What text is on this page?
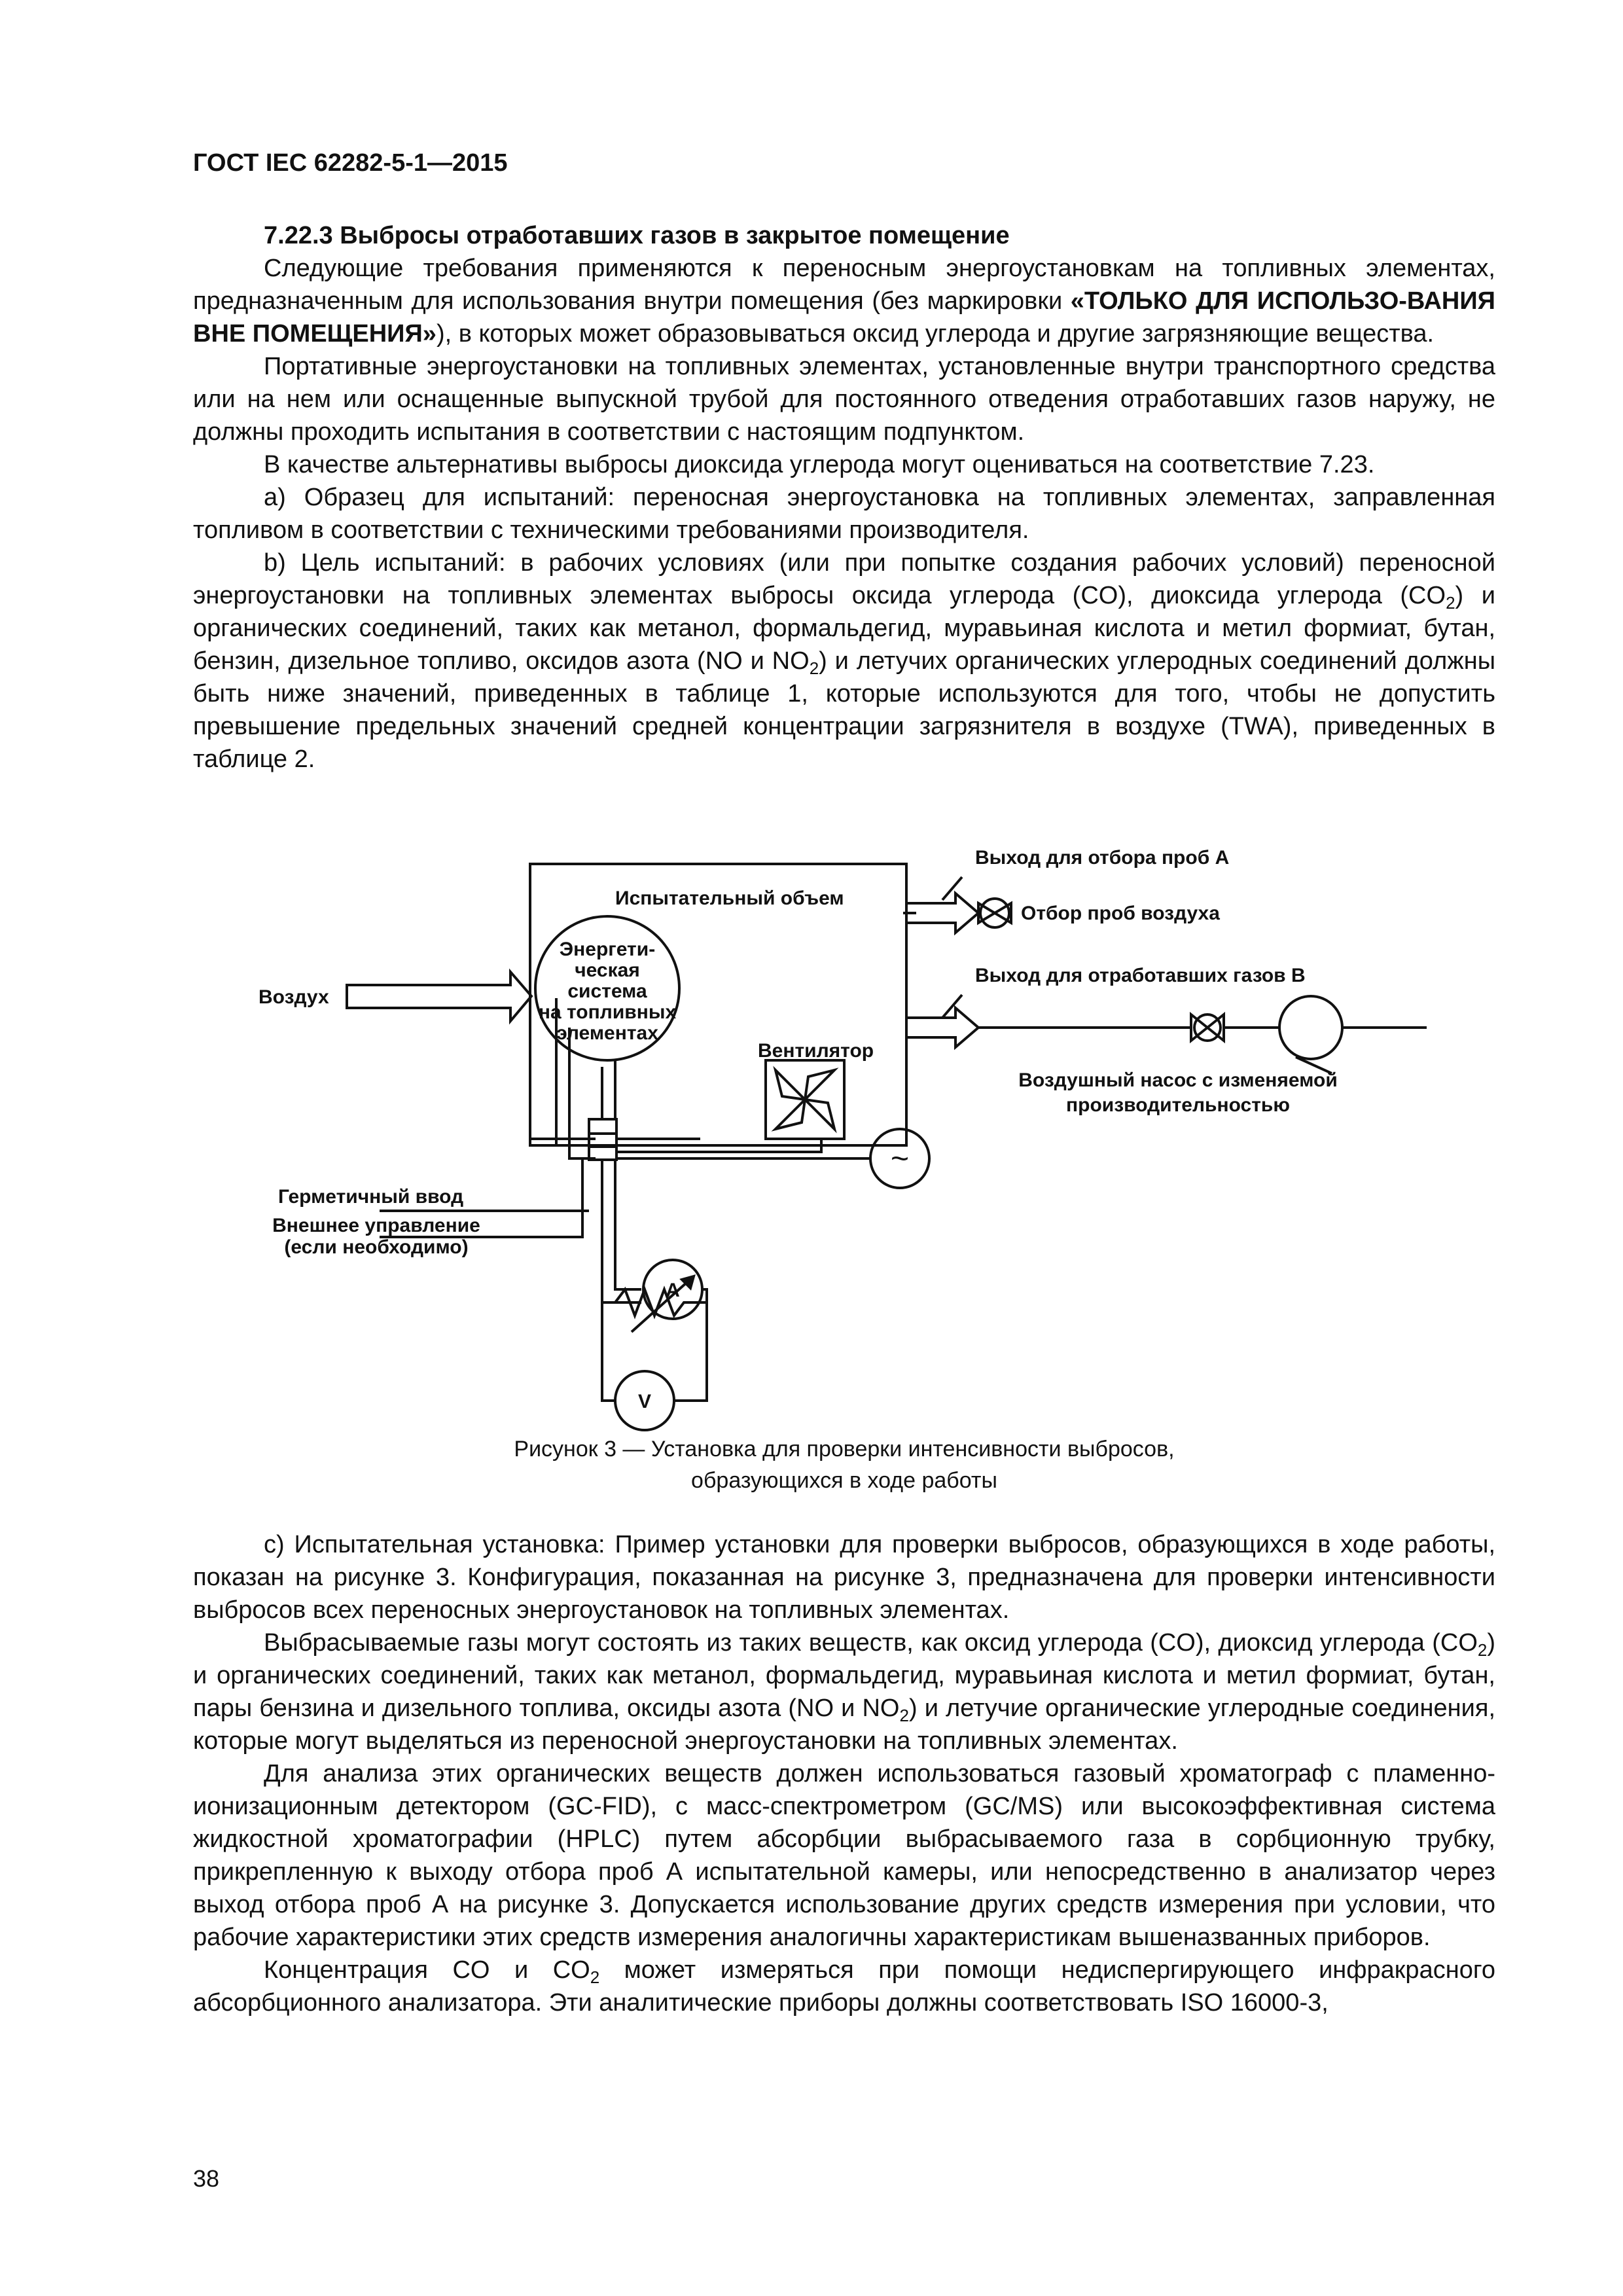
ГОСТ IEC 62282-5-1—2015

7.22.3 Выбросы отработавших газов в закрытое помещение

Следующие требования применяются к переносным энергоустановкам на топливных элементах, предназначенным для использования внутри помещения (без маркировки «ТОЛЬКО ДЛЯ ИСПОЛЬЗО-ВАНИЯ ВНЕ ПОМЕЩЕНИЯ»), в которых может образовываться оксид углерода и другие загрязняющие вещества.

Портативные энергоустановки на топливных элементах, установленные внутри транспортного средства или на нем или оснащенные выпускной трубой для постоянного отведения отработавших газов наружу, не должны проходить испытания в соответствии с настоящим подпунктом.

В качестве альтернативы выбросы диоксида углерода могут оцениваться на соответствие 7.23.

а) Образец для испытаний: переносная энергоустановка на топливных элементах, заправленная топливом в соответствии с техническими требованиями производителя.

b) Цель испытаний: в рабочих условиях (или при попытке создания рабочих условий) переносной энергоустановки на топливных элементах выбросы оксида углерода (CO), диоксида углерода $(CO_2)$ и органических соединений, таких как метанол, формальдегид, муравьиная кислота и метил формиат, бутан, бензин, дизельное топливо, оксидов азота (NO и $NO_2$) и летучих органических углеродных соединений должны быть ниже значений, приведенных в таблице 1, которые используются для того, чтобы не допустить превышение предельных значений средней концентрации загрязнителя в воздухе (TWA), приведенных в таблице 2.

Испытательный объем
Выход для отбора проб А
Отбор проб воздуха
Выход для отработавших газов В
Воздух
Энергети-
ческая
система
на топливных
элементах
Вентилятор
Воздушный насос с изменяемой
производительностью
Герметичный ввод
Внешнее управление
(если необходимо)
A
V
~
Рисунок 3 — Установка для проверки интенсивности выбросов,
образующихся в ходе работы

с) Испытательная установка: Пример установки для проверки выбросов, образующихся в ходе работы, показан на рисунке 3. Конфигурация, показанная на рисунке 3, предназначена для проверки интенсивности выбросов всех переносных энергоустановок на топливных элементах.

Выбрасываемые газы могут состоять из таких веществ, как оксид углерода (CO), диоксид углерода $(CO_2)$ и органических соединений, таких как метанол, формальдегид, муравьиная кислота и метил формиат, бутан, пары бензина и дизельного топлива, оксиды азота (NO и $NO_2$) и летучие органические углеродные соединения, которые могут выделяться из переносной энергоустановки на топливных элементах.

Для анализа этих органических веществ должен использоваться газовый хроматограф с пламенно-ионизационным детектором (GC-FID), с масс-спектрометром (GC/MS) или высокоэффективная система жидкостной хроматографии (HPLC) путем абсорбции выбрасываемого газа в сорбционную трубку, прикрепленную к выходу отбора проб А испытательной камеры, или непосредственно в анализатор через выход отбора проб А на рисунке 3. Допускается использование других средств измерения при условии, что рабочие характеристики этих средств измерения аналогичны характеристикам вышеназванных приборов.

Концентрация CO и $CO_2$ может измеряться при помощи недиспергирующего инфракрасного абсорбционного анализатора. Эти аналитические приборы должны соответствовать ISO 16000-3,

38
